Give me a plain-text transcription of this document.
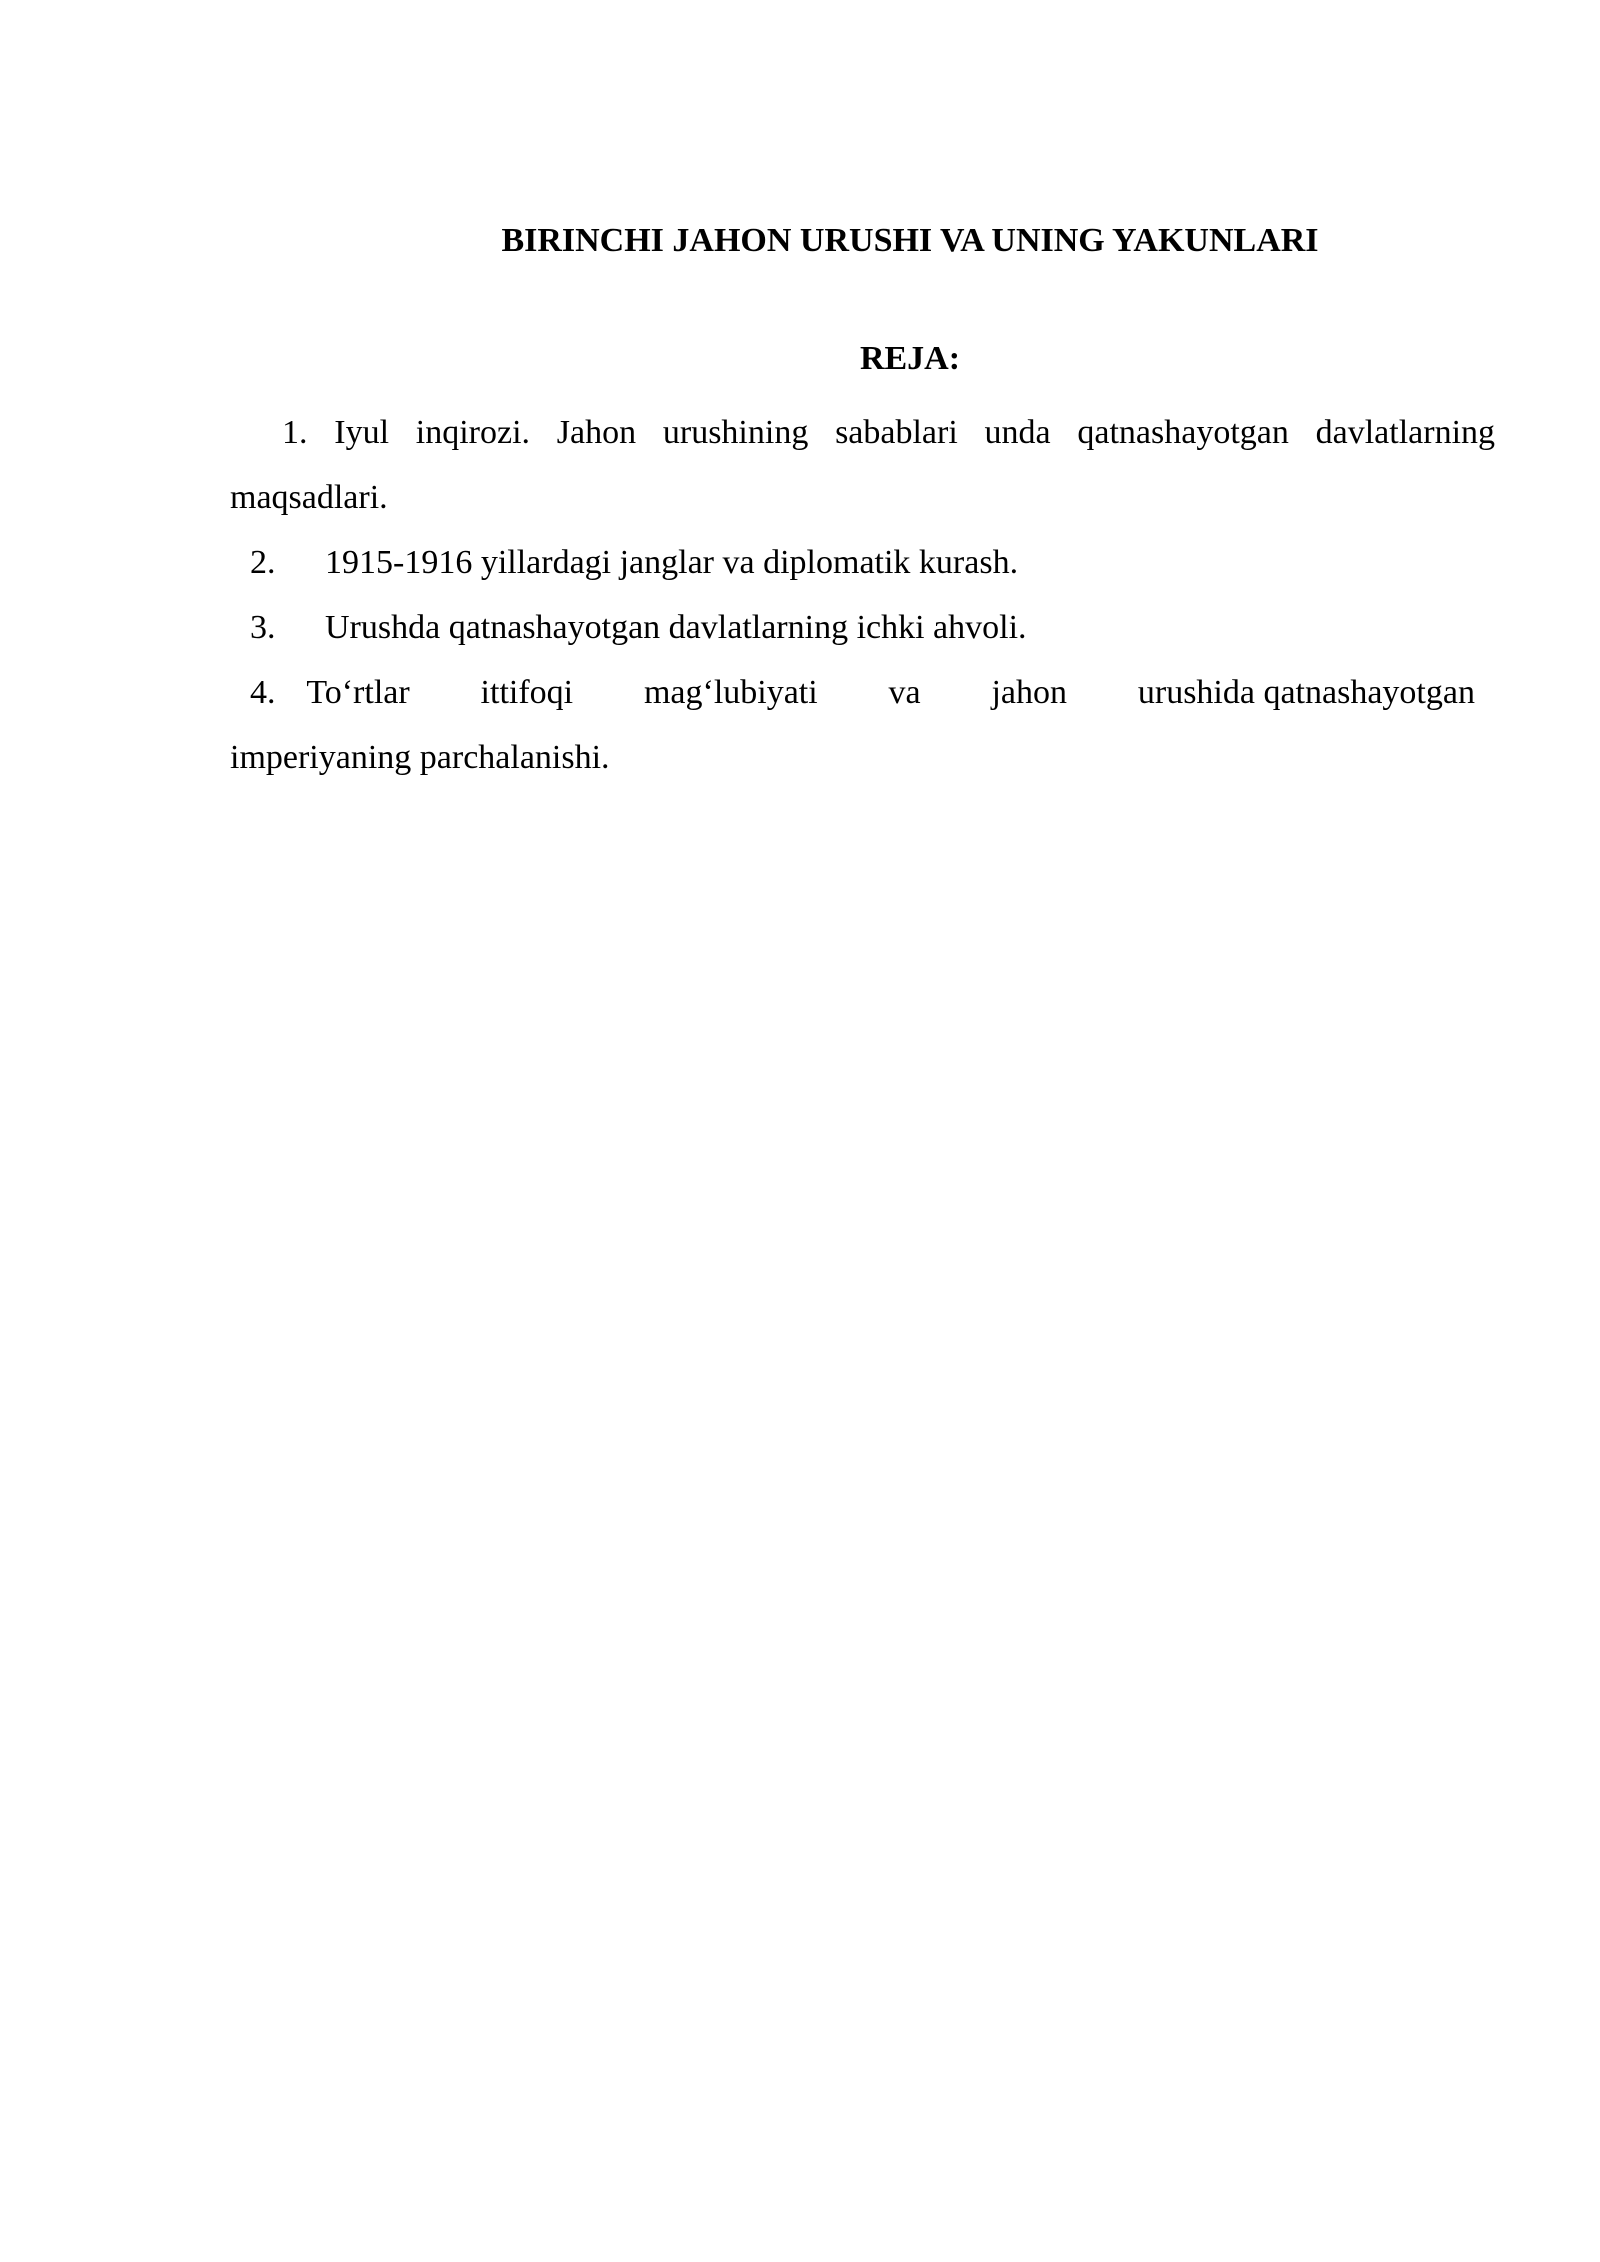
BIRINCHI JAHON URUSHI VA UNING YAKUNLARI
REJA:
1. Iyul inqirozi. Jahon urushining sabablari unda qatnashayotgan davlatlarning maqsadlari.
2. 1915-1916 yillardagi janglar va diplomatik kurash.
3. Urushda qatnashayotgan davlatlarning ichki ahvoli.
4. To‘rtlar ittifoqi mag‘lubiyati va jahon urushida qatnashayotgan
imperiyaning parchalanishi.
